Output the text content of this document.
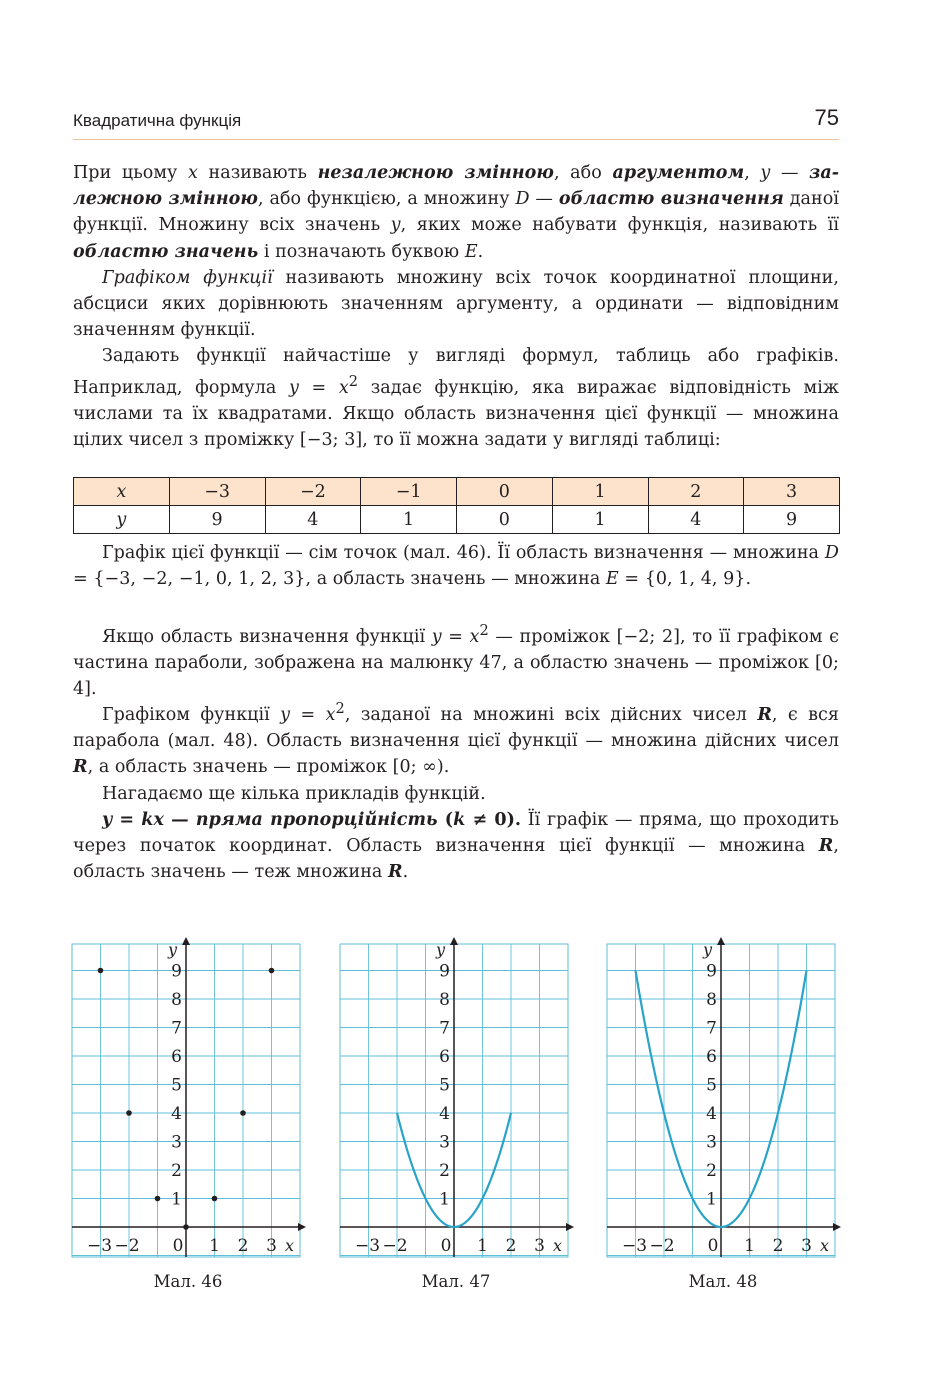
Квадратична функція	75

При цьому x називають незалежною змінною, або аргументом, y — залежною змінною, або функцією, а множину D — областю визначення даної функції. Множину всіх значень y, яких може набувати функція, називають її областю значень і позначають буквою E.

Графіком функції називають множину всіх точок координатної площини, абсциси яких дорівнюють значенням аргументу, а ординати — відповідним значенням функції.

Задають функції найчастіше у вигляді формул, таблиць або графіків. Наприклад, формула $y = x^2$ задає функцію, яка виражає відповідність між числами та їх квадратами. Якщо область визначення цієї функції — множина цілих чисел з проміжку [−3; 3], то її можна задати у вигляді таблиці:

x	−3	−2	−1	0	1	2	3
y	9	4	1	0	1	4	9

Графік цієї функції — сім точок (мал. 46). Її область визначення — множина D = {−3, −2, −1, 0, 1, 2, 3}, а область значень — множина E = {0, 1, 4, 9}.

Якщо область визначення функції $y = x^2$ — проміжок [−2; 2], то її графіком є частина параболи, зображена на малюнку 47, а областю значень — проміжок [0; 4].

Графіком функції $y = x^2$, заданої на множині всіх дійсних чисел R, є вся парабола (мал. 48). Область визначення цієї функції — множина дійсних чисел R, а область значень — проміжок [0; ∞).

Нагадаємо ще кілька прикладів функцій.

y = kx — пряма пропорційність (k ≠ 0). Її графік — пряма, що проходить через початок координат. Область визначення цієї функції — множина R, область значень — теж множина R.

y
x
1
2
3
4
5
6
7
8
9
−3 −2 0 1 2 3
Мал. 46
y
x
1
2
3
4
5
6
7
8
9
−3 −2 0 1 2 3
Мал. 47
y
x
1
2
3
4
5
6
7
8
9
−3 −2 0 1 2 3
Мал. 48
